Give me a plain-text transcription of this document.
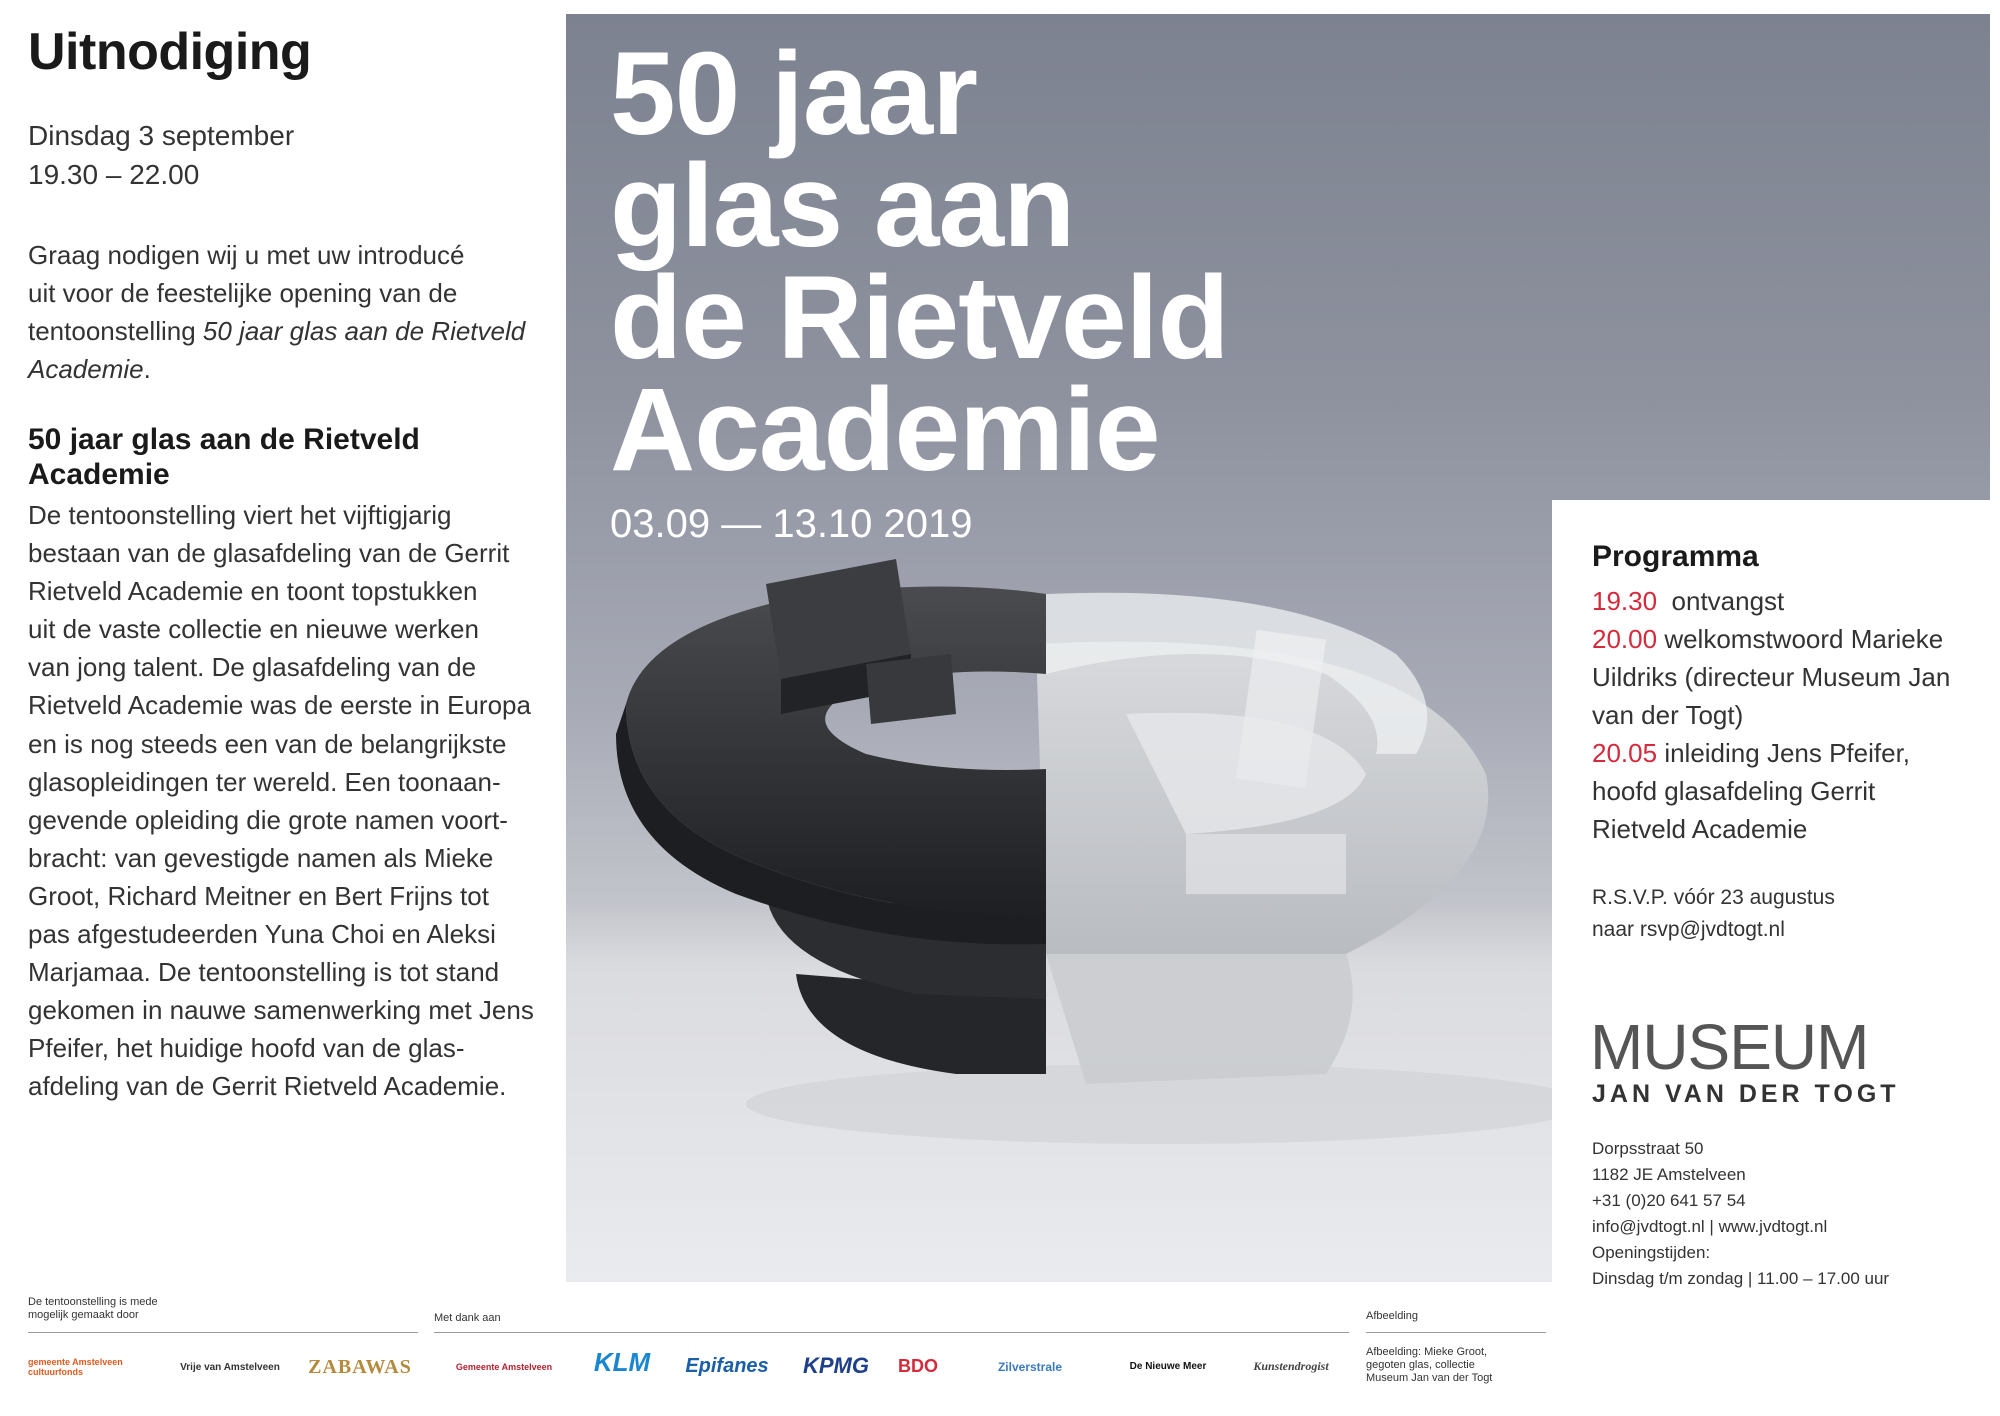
Uitnodiging
Dinsdag 3 september
19.30 – 22.00
Graag nodigen wij u met uw introducé
uit voor de feestelijke opening van de
tentoonstelling 50 jaar glas aan de Rietveld
Academie.
50 jaar glas aan de Rietveld
Academie
De tentoonstelling viert het vijftigjarig
bestaan van de glasafdeling van de Gerrit
Rietveld Academie en toont topstukken
uit de vaste collectie en nieuwe werken
van jong talent. De glasafdeling van de
Rietveld Academie was de eerste in Europa
en is nog steeds een van de belangrijkste
glasopleidingen ter wereld. Een toonaan-
gevende opleiding die grote namen voort-
bracht: van gevestigde namen als Mieke
Groot, Richard Meitner en Bert Frijns tot
pas afgestudeerden Yuna Choi en Aleksi
Marjamaa. De tentoonstelling is tot stand
gekomen in nauwe samenwerking met Jens
Pfeifer, het huidige hoofd van de glas-
afdeling van de Gerrit Rietveld Academie.
50 jaar
glas aan
de Rietveld
Academie
03.09 — 13.10 2019
Programma
19.30 ontvangst
20.00 welkomstwoord Marieke
Uildriks (directeur Museum Jan
van der Togt)
20.05 inleiding Jens Pfeifer,
hoofd glasafdeling Gerrit
Rietveld Academie
R.S.V.P. vóór 23 augustus
naar rsvp@jvdtogt.nl
MUSEUM
JAN VAN DER TOGT
Dorpsstraat 50
1182 JE Amstelveen
+31 (0)20 641 57 54
info@jvdtogt.nl | www.jvdtogt.nl
Openingstijden:
Dinsdag t/m zondag | 11.00 – 17.00 uur
De tentoonstelling is mede
mogelijk gemaakt door	Met dank aan	Afbeelding
Afbeelding: Mieke Groot,
gegoten glas, collectie
Museum Jan van der Togt
gemeente Amstelveen cultuurfonds	Vrije van Amstelveen ZABAWAS	Gemeente Amstelveen KLM Epifanes KPMG BDO	Zilverstrale	De Nieuwe Meer	Kunstendrogist
